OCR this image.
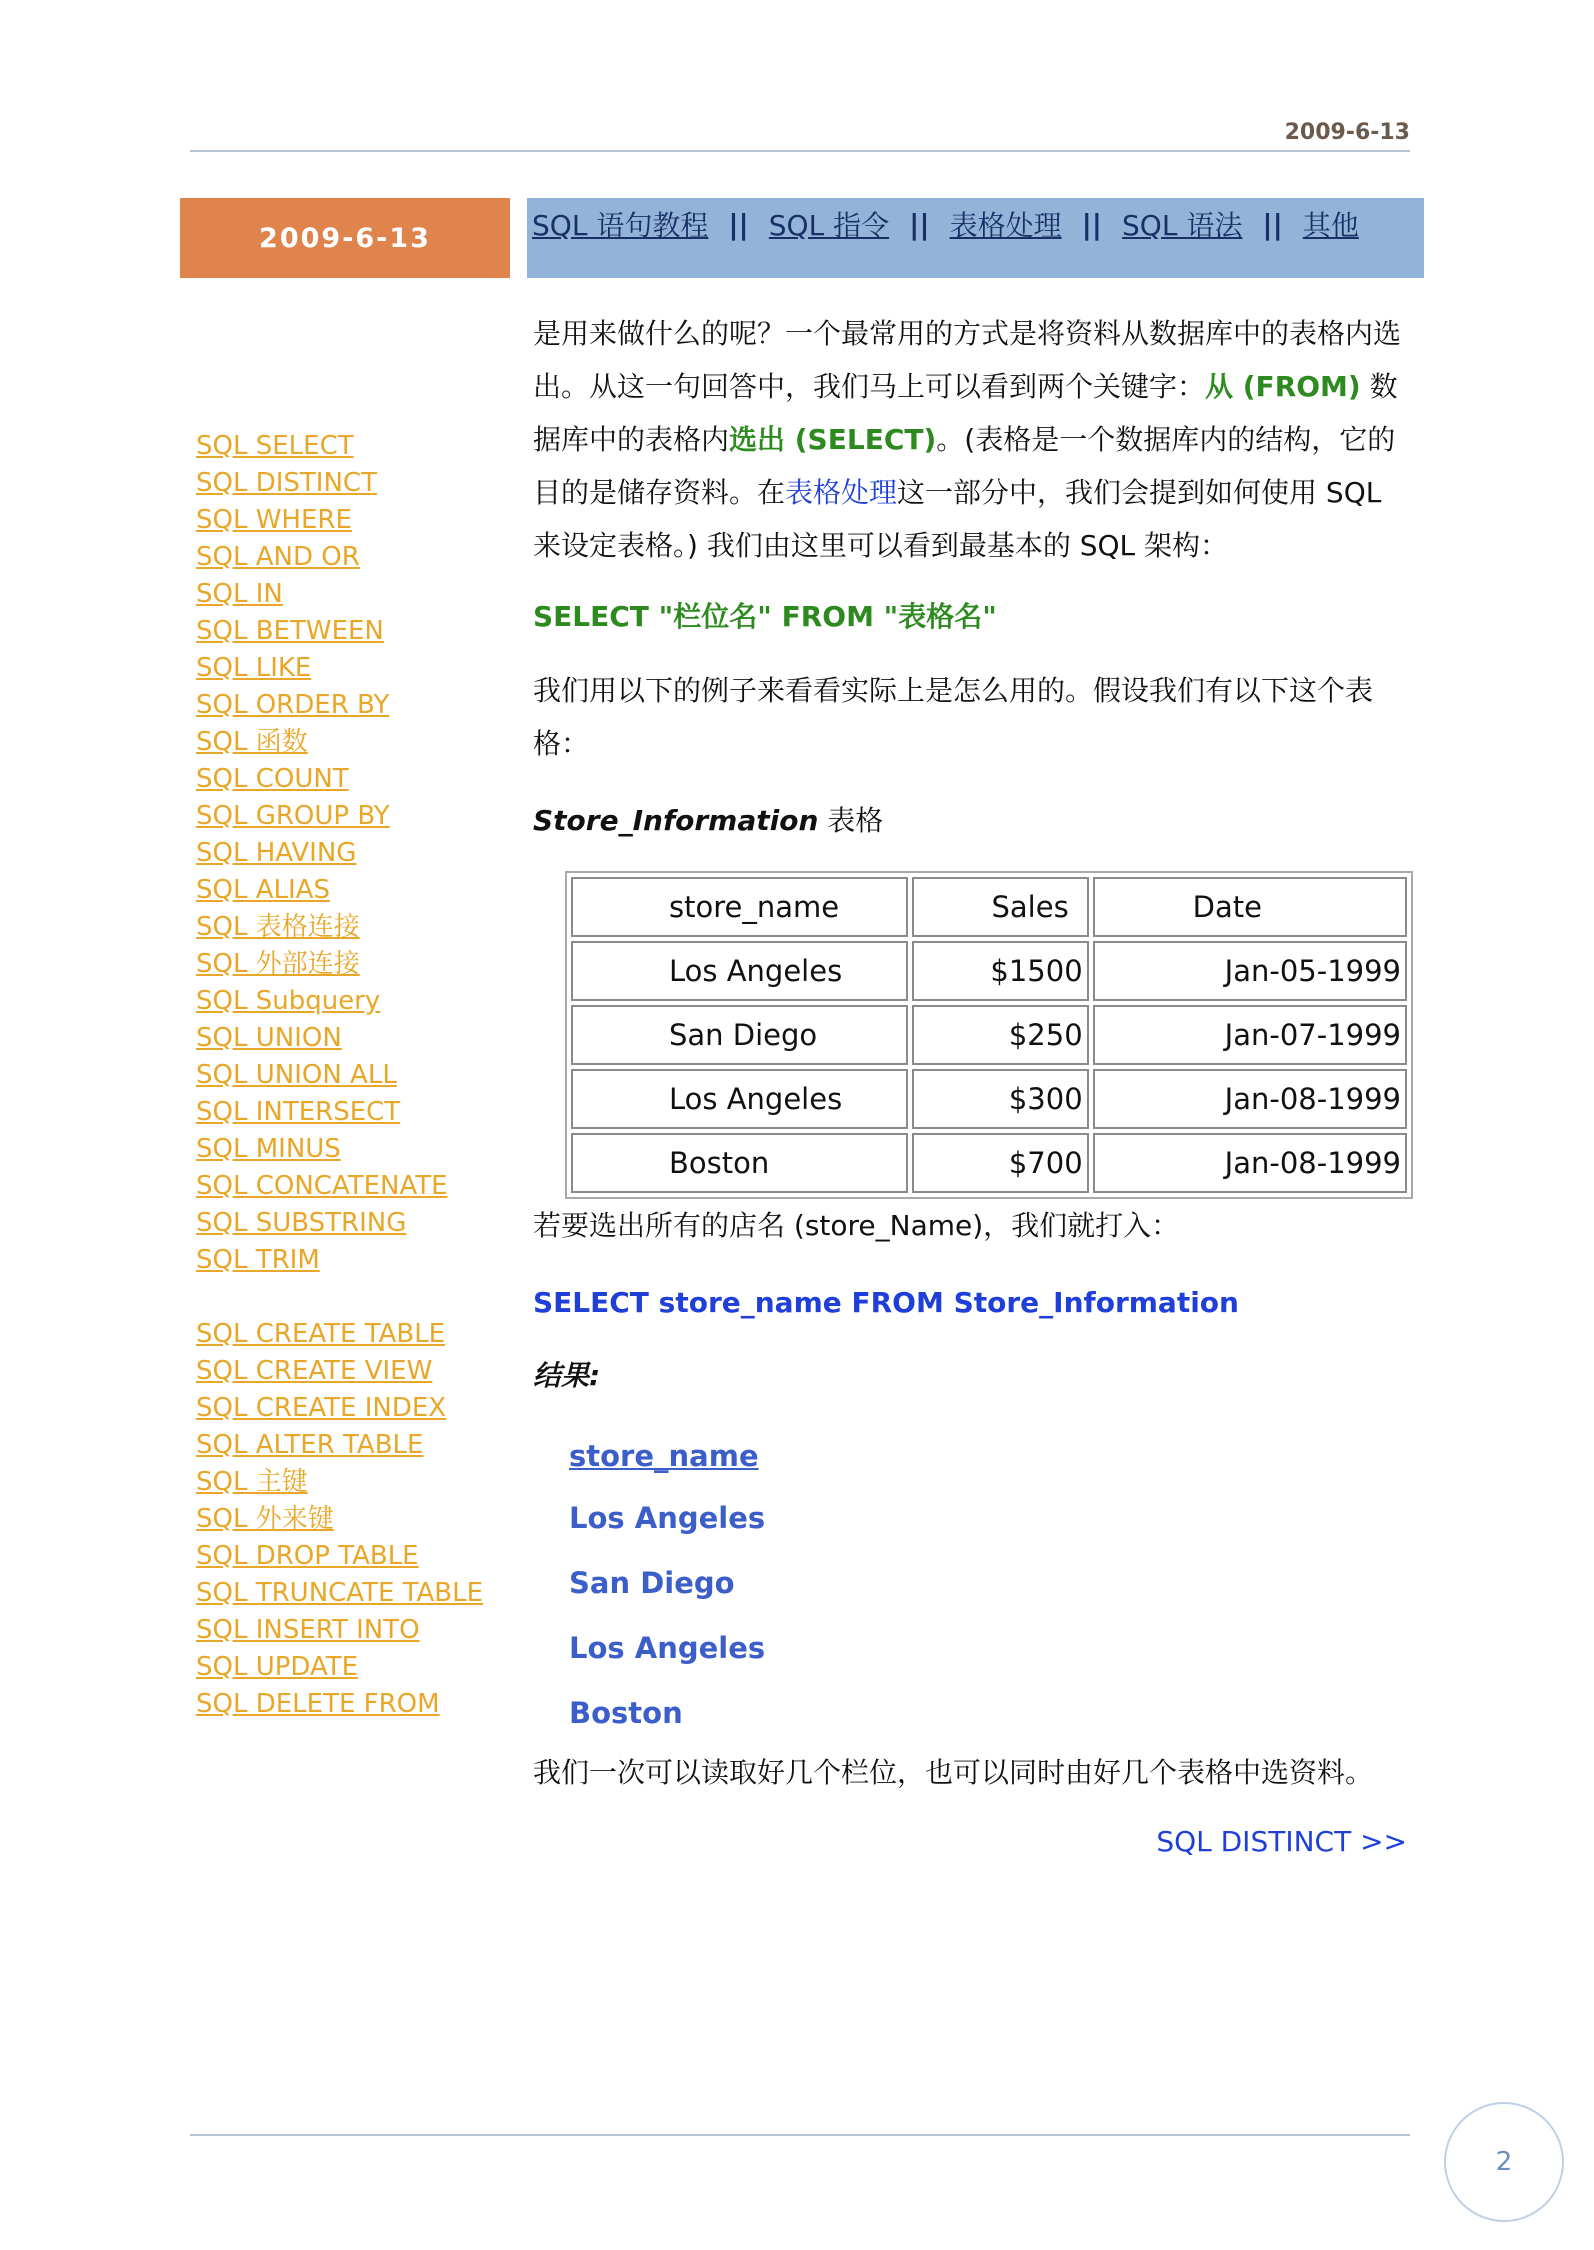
2009-6-13
2009-6-13	SQL 语句教程 || SQL 指令 || 表格处理 || SQL 语法 || 其他
SQL SELECT
SQL DISTINCT
SQL WHERE
SQL AND OR
SQL IN
SQL BETWEEN
SQL LIKE
SQL ORDER BY
SQL 函数
SQL COUNT
SQL GROUP BY
SQL HAVING
SQL ALIAS
SQL 表格连接
SQL 外部连接
SQL Subquery
SQL UNION
SQL UNION ALL
SQL INTERSECT
SQL MINUS
SQL CONCATENATE
SQL SUBSTRING
SQL TRIM
SQL CREATE TABLE
SQL CREATE VIEW
SQL CREATE INDEX
SQL ALTER TABLE
SQL 主键
SQL 外来键
SQL DROP TABLE
SQL TRUNCATE TABLE
SQL INSERT INTO
SQL UPDATE
SQL DELETE FROM

是用来做什么的呢？一个最常用的方式是将资料从数据库中的表格内选出。从这一句回答中，我们马上可以看到两个关键字：从 (FROM) 数据库中的表格内选出 (SELECT)。(表格是一个数据库内的结构，它的目的是储存资料。在表格处理这一部分中，我们会提到如何使用 SQL 来设定表格。) 我们由这里可以看到最基本的 SQL 架构：

SELECT "栏位名" FROM "表格名"

我们用以下的例子来看看实际上是怎么用的。假设我们有以下这个表格：

Store_Information 表格

store_name	Sales	Date
Los Angeles	$1500	Jan-05-1999
San Diego	$250	Jan-07-1999
Los Angeles	$300	Jan-08-1999
Boston	$700	Jan-08-1999

若要选出所有的店名 (store_Name)，我们就打入：

SELECT store_name FROM Store_Information

结果:

store_name
Los Angeles
San Diego
Los Angeles
Boston

我们一次可以读取好几个栏位，也可以同时由好几个表格中选资料。

SQL DISTINCT >>
2
